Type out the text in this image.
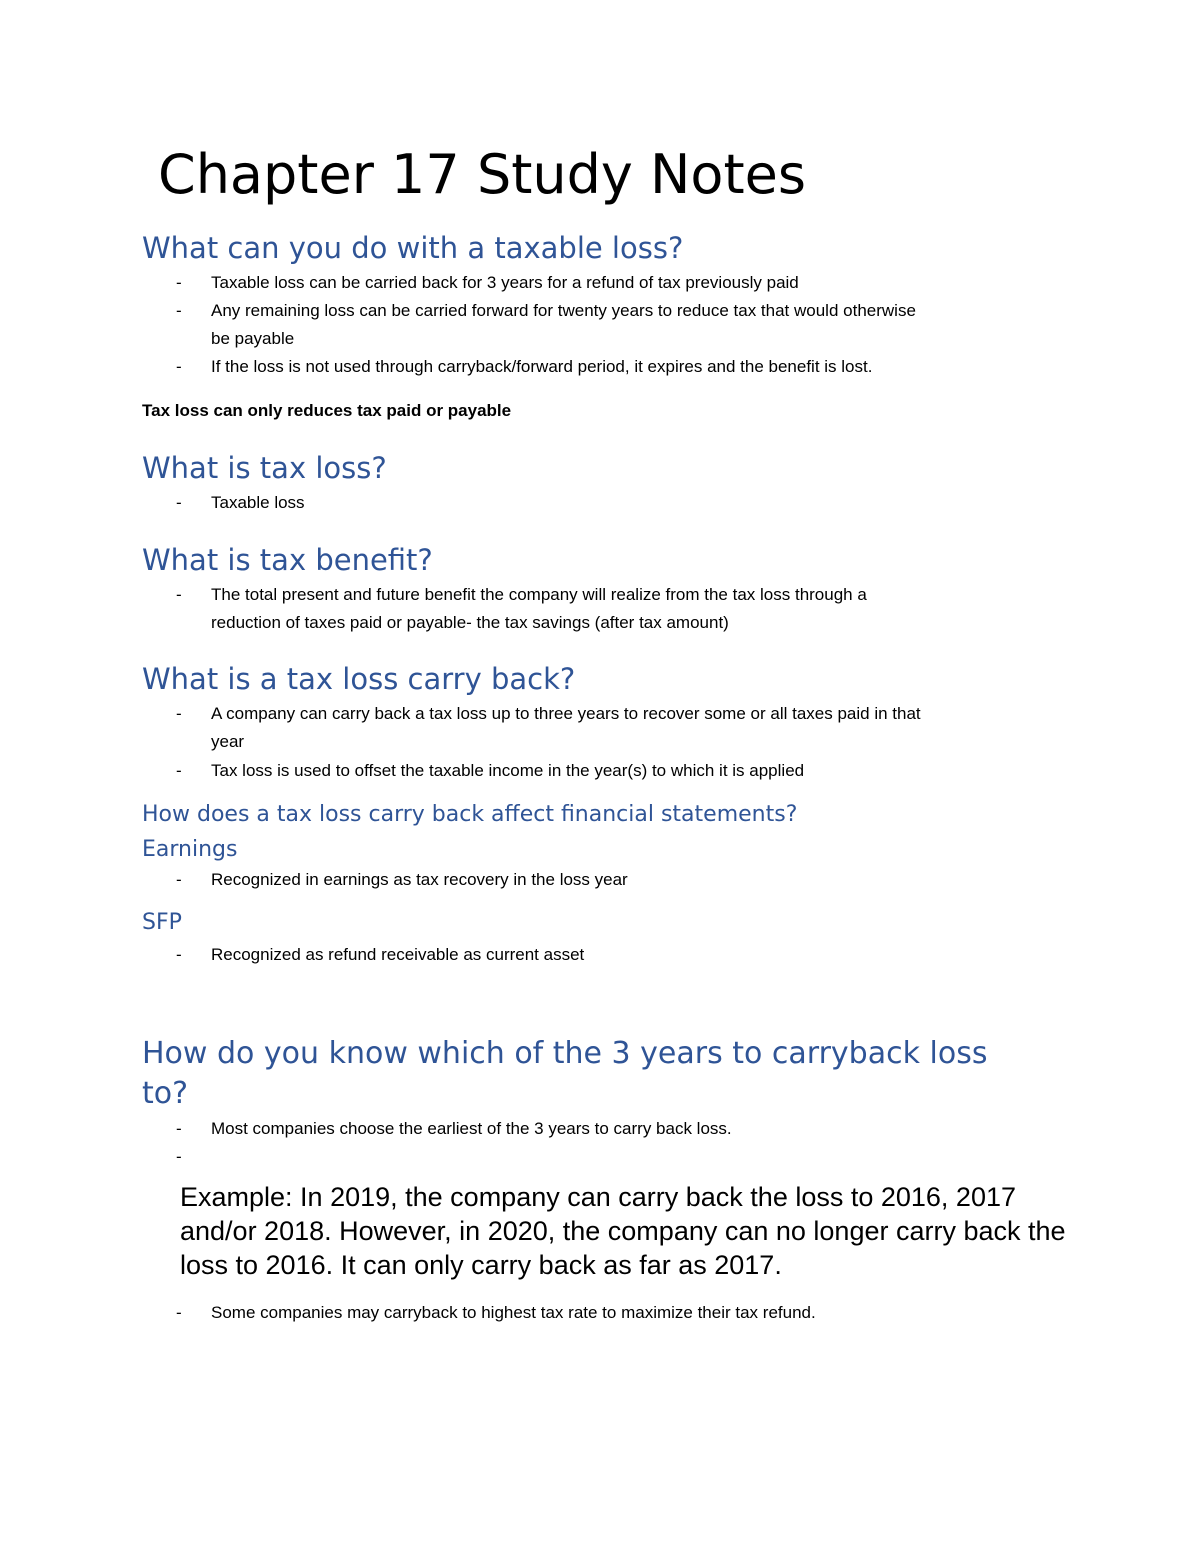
Chapter 17 Study Notes
What can you do with a taxable loss?
- Taxable loss can be carried back for 3 years for a refund of tax previously paid
- Any remaining loss can be carried forward for twenty years to reduce tax that would otherwise
be payable
- If the loss is not used through carryback/forward period, it expires and the benefit is lost.
Tax loss can only reduces tax paid or payable
What is tax loss?
- Taxable loss
What is tax benefit?
- The total present and future benefit the company will realize from the tax loss through a
reduction of taxes paid or payable- the tax savings (after tax amount)
What is a tax loss carry back?
- A company can carry back a tax loss up to three years to recover some or all taxes paid in that
year
- Tax loss is used to offset the taxable income in the year(s) to which it is applied
How does a tax loss carry back affect financial statements?
Earnings
- Recognized in earnings as tax recovery in the loss year
SFP
- Recognized as refund receivable as current asset
How do you know which of the 3 years to carryback loss
to?
- Most companies choose the earliest of the 3 years to carry back loss.
-
Example: In 2019, the company can carry back the loss to 2016, 2017 and/or 2018. However, in 2020, the company can no longer carry back the loss to 2016. It can only carry back as far as 2017.
- Some companies may carryback to highest tax rate to maximize their tax refund.
